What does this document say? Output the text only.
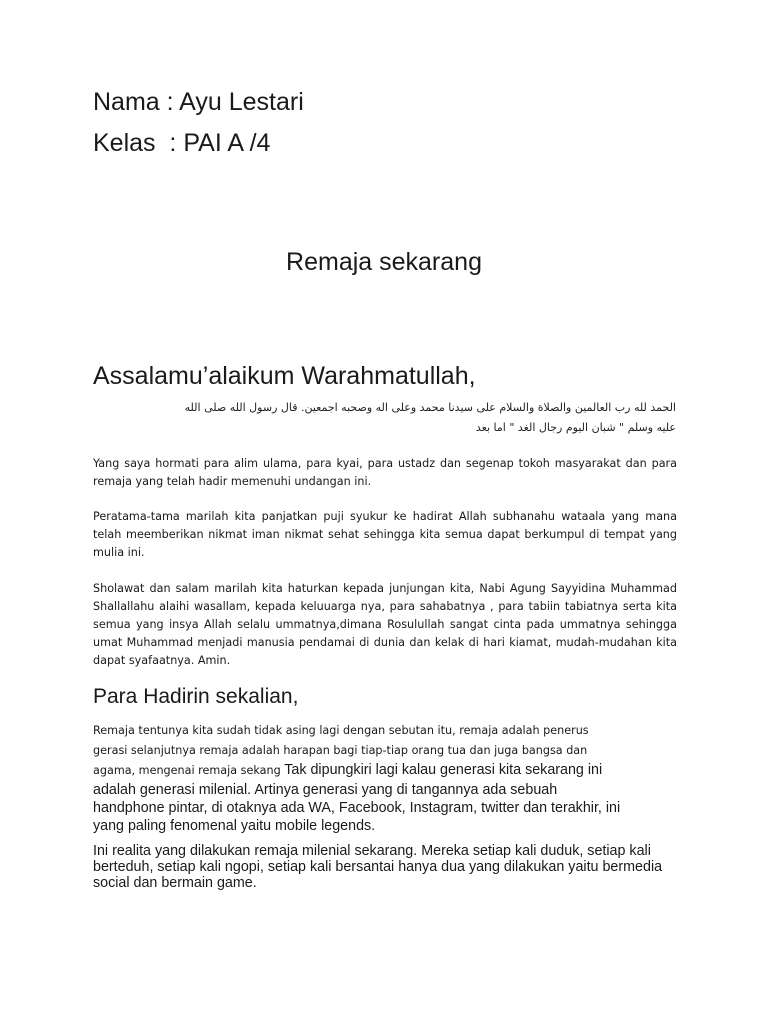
Nama : Ayu Lestari
Kelas  : PAI A /4
Remaja sekarang
Assalamu’alaikum Warahmatullah,
الحمد لله رب العالمين والصلاة والسلام على سيدنا محمد وعلى اله وصحبه اجمعين. قال رسول الله صلى الله
عليه وسلم " شبان اليوم رجال الغد " اما بعد
Yang saya hormati para alim ulama, para kyai, para ustadz dan segenap tokoh masyarakat dan para remaja yang telah hadir memenuhi undangan ini.
Peratama-tama marilah kita panjatkan puji syukur ke hadirat Allah subhanahu wataala yang mana telah meemberikan nikmat iman nikmat sehat sehingga kita semua dapat berkumpul di tempat yang mulia ini.
Sholawat dan salam marilah kita haturkan kepada junjungan kita, Nabi Agung Sayyidina Muhammad Shallallahu alaihi wasallam, kepada keluuarga nya, para sahabatnya , para tabiin tabiatnya serta kita semua yang insya Allah selalu ummatnya,dimana Rosulullah sangat cinta pada ummatnya sehingga umat Muhammad menjadi manusia pendamai di dunia dan kelak di hari kiamat, mudah-mudahan kita dapat syafaatnya. Amin.
Para Hadirin sekalian,
Remaja tentunya kita sudah tidak asing lagi dengan sebutan itu, remaja adalah penerus
gerasi selanjutnya remaja adalah harapan bagi tiap-tiap orang tua dan juga bangsa dan
agama, mengenai remaja sekang Tak dipungkiri lagi kalau generasi kita sekarang ini
adalah generasi milenial. Artinya generasi yang di tangannya ada sebuah
handphone pintar, di otaknya ada WA, Facebook, Instagram, twitter dan terakhir, ini
yang paling fenomenal yaitu mobile legends.
Ini realita yang dilakukan remaja milenial sekarang. Mereka setiap kali duduk, setiap kali berteduh, setiap kali ngopi, setiap kali bersantai hanya dua yang dilakukan yaitu bermedia social dan bermain game.
